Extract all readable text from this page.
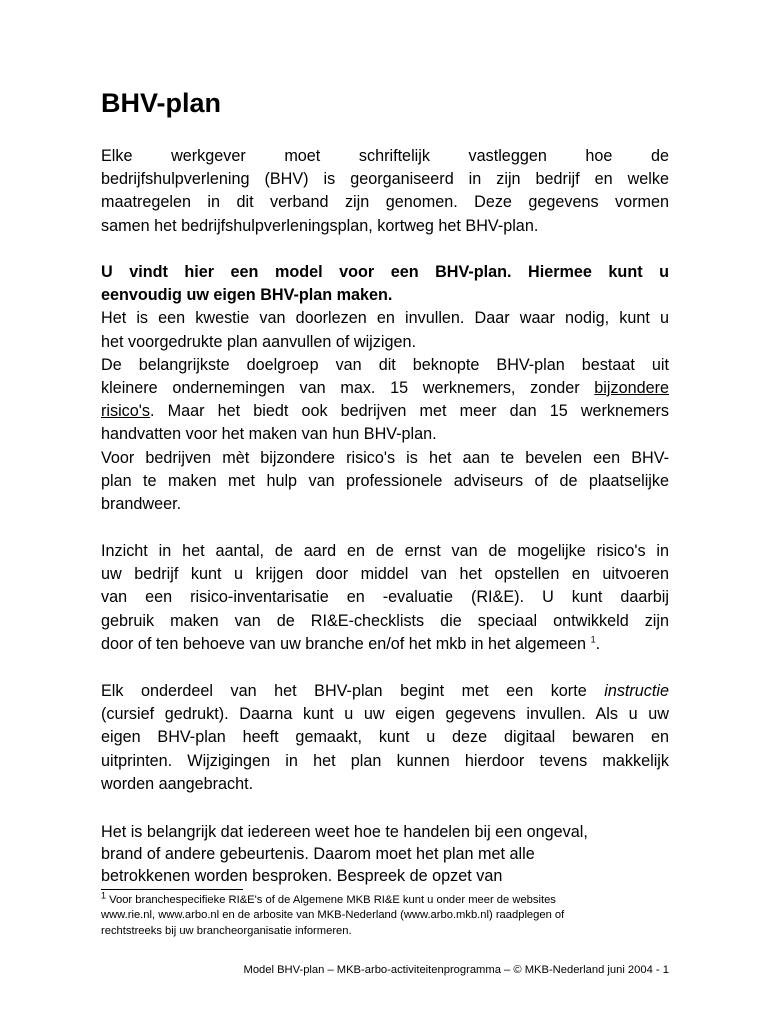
BHV-plan
Elke werkgever moet schriftelijk vastleggen hoe de
bedrijfshulpverlening (BHV) is georganiseerd in zijn bedrijf en welke
maatregelen in dit verband zijn genomen. Deze gegevens vormen
samen het bedrijfshulpverleningsplan, kortweg het BHV-plan.
U vindt hier een model voor een BHV-plan. Hiermee kunt u
eenvoudig uw eigen BHV-plan maken.
Het is een kwestie van doorlezen en invullen. Daar waar nodig, kunt u
het voorgedrukte plan aanvullen of wijzigen.
De belangrijkste doelgroep van dit beknopte BHV-plan bestaat uit
kleinere ondernemingen van max. 15 werknemers, zonder bijzondere
risico's. Maar het biedt ook bedrijven met meer dan 15 werknemers
handvatten voor het maken van hun BHV-plan.
Voor bedrijven mèt bijzondere risico's is het aan te bevelen een BHV-
plan te maken met hulp van professionele adviseurs of de plaatselijke
brandweer.
Inzicht in het aantal, de aard en de ernst van de mogelijke risico's in
uw bedrijf kunt u krijgen door middel van het opstellen en uitvoeren
van een risico-inventarisatie en -evaluatie (RI&E). U kunt daarbij
gebruik maken van de RI&E-checklists die speciaal ontwikkeld zijn
door of ten behoeve van uw branche en/of het mkb in het algemeen $^1$.
Elk onderdeel van het BHV-plan begint met een korte instructie
(cursief gedrukt). Daarna kunt u uw eigen gegevens invullen. Als u uw
eigen BHV-plan heeft gemaakt, kunt u deze digitaal bewaren en
uitprinten. Wijzigingen in het plan kunnen hierdoor tevens makkelijk
worden aangebracht.
Het is belangrijk dat iedereen weet hoe te handelen bij een ongeval,
brand of andere gebeurtenis. Daarom moet het plan met alle
betrokkenen worden besproken. Bespreek de opzet van
$^1$ Voor branchespecifieke RI&E's of de Algemene MKB RI&E kunt u onder meer de websites
www.rie.nl, www.arbo.nl en de arbosite van MKB-Nederland (www.arbo.mkb.nl) raadplegen of
rechtstreeks bij uw brancheorganisatie informeren.
Model BHV-plan – MKB-arbo-activiteitenprogramma – © MKB-Nederland juni 2004 - 1
